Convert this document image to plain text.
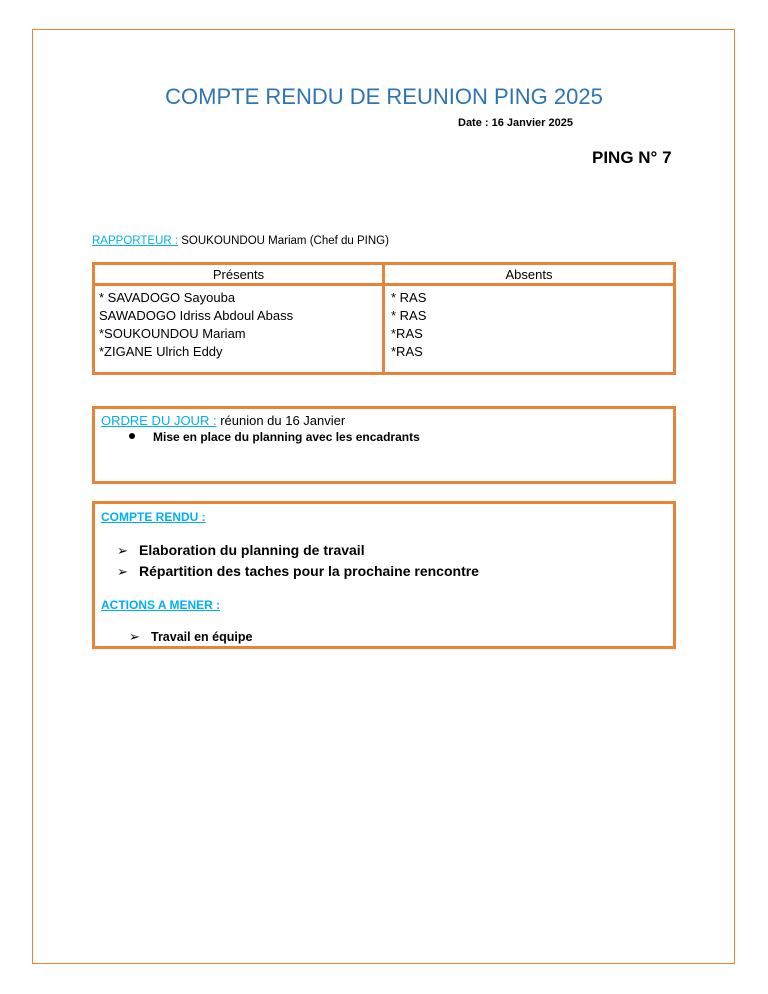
COMPTE RENDU DE REUNION PING 2025
Date : 16 Janvier 2025
PING N° 7
RAPPORTEUR : SOUKOUNDOU Mariam (Chef du PING)
Présents	Absents
* SAVADOGO Sayouba
SAWADOGO Idriss Abdoul Abass
*SOUKOUNDOU Mariam
*ZIGANE Ulrich Eddy
* RAS
* RAS
*RAS
*RAS
ORDRE DU JOUR : réunion du 16 Janvier
Mise en place du planning avec les encadrants
COMPTE RENDU :
➢ Elaboration du planning de travail
➢ Répartition des taches pour la prochaine rencontre
ACTIONS A MENER :
➢ Travail en équipe
